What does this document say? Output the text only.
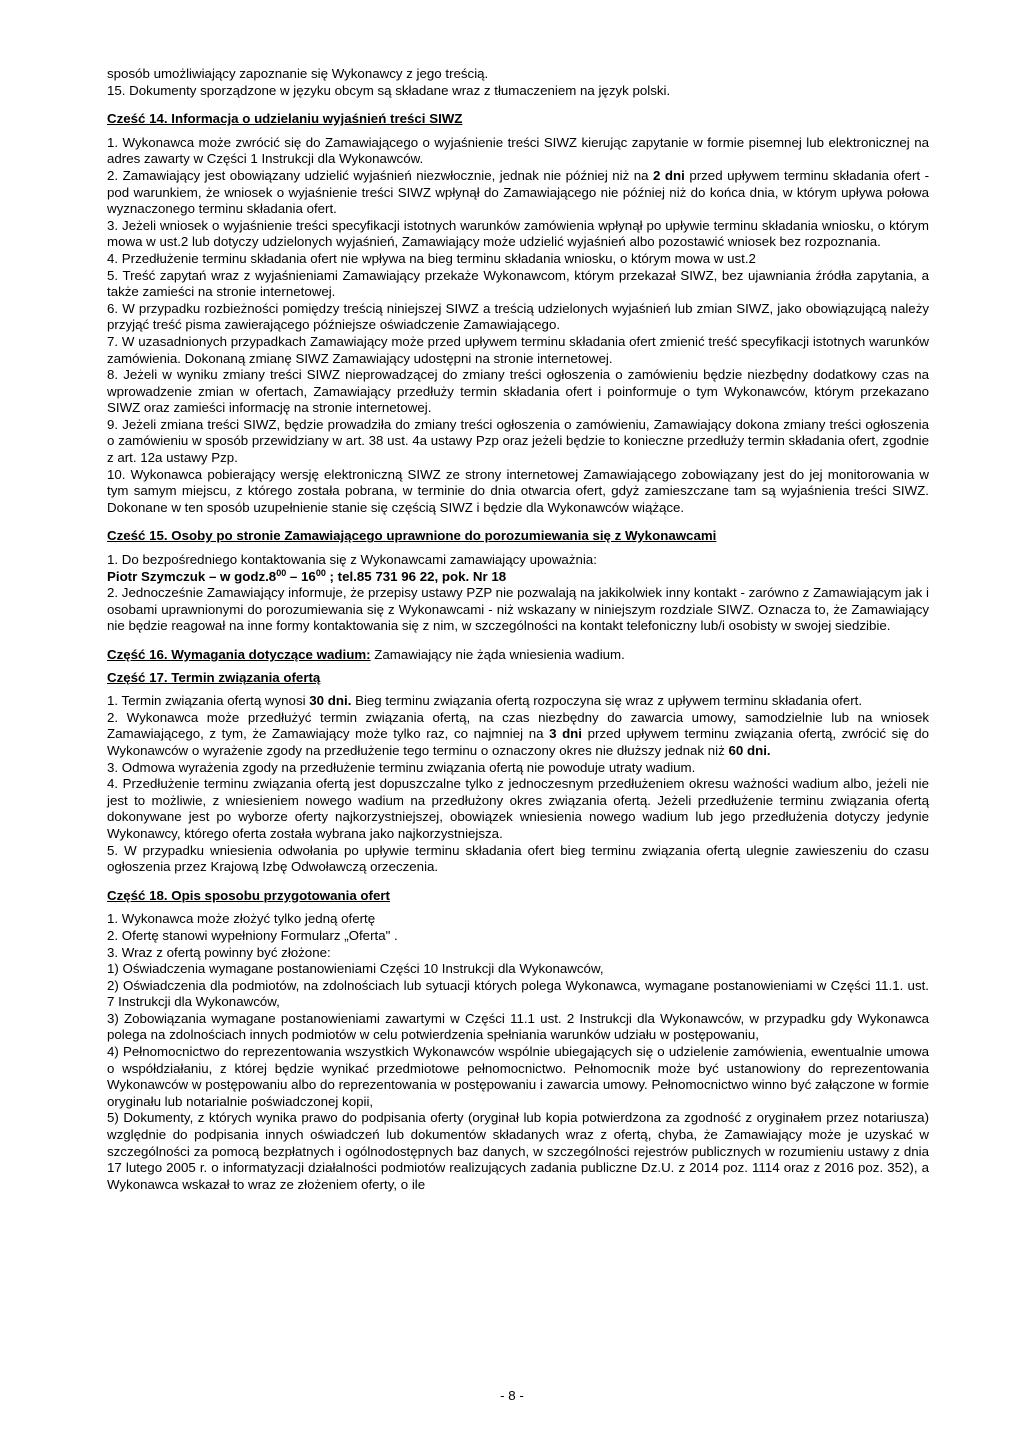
sposób umożliwiający zapoznanie się Wykonawcy z jego treścią.

15. Dokumenty sporządzone w języku obcym są składane wraz z tłumaczeniem na język polski.

Cześć 14. Informacja o udzielaniu wyjaśnień treści SIWZ

1. Wykonawca może zwrócić się do Zamawiającego o wyjaśnienie treści SIWZ kierując zapytanie w formie pisemnej lub elektronicznej na adres zawarty w Części 1 Instrukcji dla Wykonawców.

2. Zamawiający jest obowiązany udzielić wyjaśnień niezwłocznie, jednak nie później niż na 2 dni przed upływem terminu składania ofert - pod warunkiem, że wniosek o wyjaśnienie treści SIWZ wpłynął do Zamawiającego nie później niż do końca dnia, w którym upływa połowa wyznaczonego terminu składania ofert.

3. Jeżeli wniosek o wyjaśnienie treści specyfikacji istotnych warunków zamówienia wpłynął po upływie terminu składania wniosku, o którym mowa w ust.2 lub dotyczy udzielonych wyjaśnień, Zamawiający może udzielić wyjaśnień albo pozostawić wniosek bez rozpoznania.

4. Przedłużenie terminu składania ofert nie wpływa na bieg terminu składania wniosku, o którym mowa w ust.2

5. Treść zapytań wraz z wyjaśnieniami Zamawiający przekaże Wykonawcom, którym przekazał SIWZ, bez ujawniania źródła zapytania, a także zamieści na stronie internetowej.

6. W przypadku rozbieżności pomiędzy treścią niniejszej SIWZ a treścią udzielonych wyjaśnień lub zmian SIWZ, jako obowiązującą należy przyjąć treść pisma zawierającego późniejsze oświadczenie Zamawiającego.

7. W uzasadnionych przypadkach Zamawiający może przed upływem terminu składania ofert zmienić treść specyfikacji istotnych warunków zamówienia. Dokonaną zmianę SIWZ Zamawiający udostępni na stronie internetowej.

8. Jeżeli w wyniku zmiany treści SIWZ nieprowadzącej do zmiany treści ogłoszenia o zamówieniu będzie niezbędny dodatkowy czas na wprowadzenie zmian w ofertach, Zamawiający przedłuży termin składania ofert i poinformuje o tym Wykonawców, którym przekazano SIWZ oraz zamieści informację na stronie internetowej.

9. Jeżeli zmiana treści SIWZ, będzie prowadziła do zmiany treści ogłoszenia o zamówieniu, Zamawiający dokona zmiany treści ogłoszenia o zamówieniu w sposób przewidziany w art. 38 ust. 4a ustawy Pzp oraz jeżeli będzie to konieczne przedłuży termin składania ofert, zgodnie z art. 12a ustawy Pzp.

10. Wykonawca pobierający wersję elektroniczną SIWZ ze strony internetowej Zamawiającego zobowiązany jest do jej monitorowania w tym samym miejscu, z którego została pobrana, w terminie do dnia otwarcia ofert, gdyż zamieszczane tam są wyjaśnienia treści SIWZ. Dokonane w ten sposób uzupełnienie stanie się częścią SIWZ i będzie dla Wykonawców wiążące.

Cześć 15. Osoby po stronie Zamawiającego uprawnione do porozumiewania się z Wykonawcami

1. Do bezpośredniego kontaktowania się z Wykonawcami zamawiający upoważnia:

Piotr Szymczuk – w $godz.8^{00} - 16^{00}$ ; tel.85 731 96 22, pok. Nr 18

2. Jednocześnie Zamawiający informuje, że przepisy ustawy PZP nie pozwalają na jakikolwiek inny kontakt - zarówno z Zamawiającym jak i osobami uprawnionymi do porozumiewania się z Wykonawcami - niż wskazany w niniejszym rozdziale SIWZ. Oznacza to, że Zamawiający nie będzie reagował na inne formy kontaktowania się z nim, w szczególności na kontakt telefoniczny lub/i osobisty w swojej siedzibie.

Część 16. Wymagania dotyczące wadium: Zamawiający nie żąda wniesienia wadium.

Część 17. Termin związania ofertą

1. Termin związania ofertą wynosi 30 dni. Bieg terminu związania ofertą rozpoczyna się wraz z upływem terminu składania ofert.

2. Wykonawca może przedłużyć termin związania ofertą, na czas niezbędny do zawarcia umowy, samodzielnie lub na wniosek Zamawiającego, z tym, że Zamawiający może tylko raz, co najmniej na 3 dni przed upływem terminu związania ofertą, zwrócić się do Wykonawców o wyrażenie zgody na przedłużenie tego terminu o oznaczony okres nie dłuższy jednak niż 60 dni.

3. Odmowa wyrażenia zgody na przedłużenie terminu związania ofertą nie powoduje utraty wadium.

4. Przedłużenie terminu związania ofertą jest dopuszczalne tylko z jednoczesnym przedłużeniem okresu ważności wadium albo, jeżeli nie jest to możliwie, z wniesieniem nowego wadium na przedłużony okres związania ofertą. Jeżeli przedłużenie terminu związania ofertą dokonywane jest po wyborze oferty najkorzystniejszej, obowiązek wniesienia nowego wadium lub jego przedłużenia dotyczy jedynie Wykonawcy, którego oferta została wybrana jako najkorzystniejsza.

5. W przypadku wniesienia odwołania po upływie terminu składania ofert bieg terminu związania ofertą ulegnie zawieszeniu do czasu ogłoszenia przez Krajową Izbę Odwoławczą orzeczenia.

Część 18. Opis sposobu przygotowania ofert

1. Wykonawca może złożyć tylko jedną ofertę

2. Ofertę stanowi wypełniony Formularz „Oferta" .

3. Wraz z ofertą powinny być złożone:

1) Oświadczenia wymagane postanowieniami Części 10 Instrukcji dla Wykonawców,

2) Oświadczenia dla podmiotów, na zdolnościach lub sytuacji których polega Wykonawca, wymagane postanowieniami w Części 11.1. ust. 7 Instrukcji dla Wykonawców,

3) Zobowiązania wymagane postanowieniami zawartymi w Części 11.1 ust. 2 Instrukcji dla Wykonawców, w przypadku gdy Wykonawca polega na zdolnościach innych podmiotów w celu potwierdzenia spełniania warunków udziału w postępowaniu,

4) Pełnomocnictwo do reprezentowania wszystkich Wykonawców wspólnie ubiegających się o udzielenie zamówienia, ewentualnie umowa o współdziałaniu, z której będzie wynikać przedmiotowe pełnomocnictwo. Pełnomocnik może być ustanowiony do reprezentowania Wykonawców w postępowaniu albo do reprezentowania w postępowaniu i zawarcia umowy. Pełnomocnictwo winno być załączone w formie oryginału lub notarialnie poświadczonej kopii,

5) Dokumenty, z których wynika prawo do podpisania oferty (oryginał lub kopia potwierdzona za zgodność z oryginałem przez notariusza) względnie do podpisania innych oświadczeń lub dokumentów składanych wraz z ofertą, chyba, że Zamawiający może je uzyskać w szczególności za pomocą bezpłatnych i ogólnodostępnych baz danych, w szczególności rejestrów publicznych w rozumieniu ustawy z dnia 17 lutego 2005 r. o informatyzacji działalności podmiotów realizujących zadania publiczne Dz.U. z 2014 poz. 1114 oraz z 2016 poz. 352), a Wykonawca wskazał to wraz ze złożeniem oferty, o ile

- 8 -
